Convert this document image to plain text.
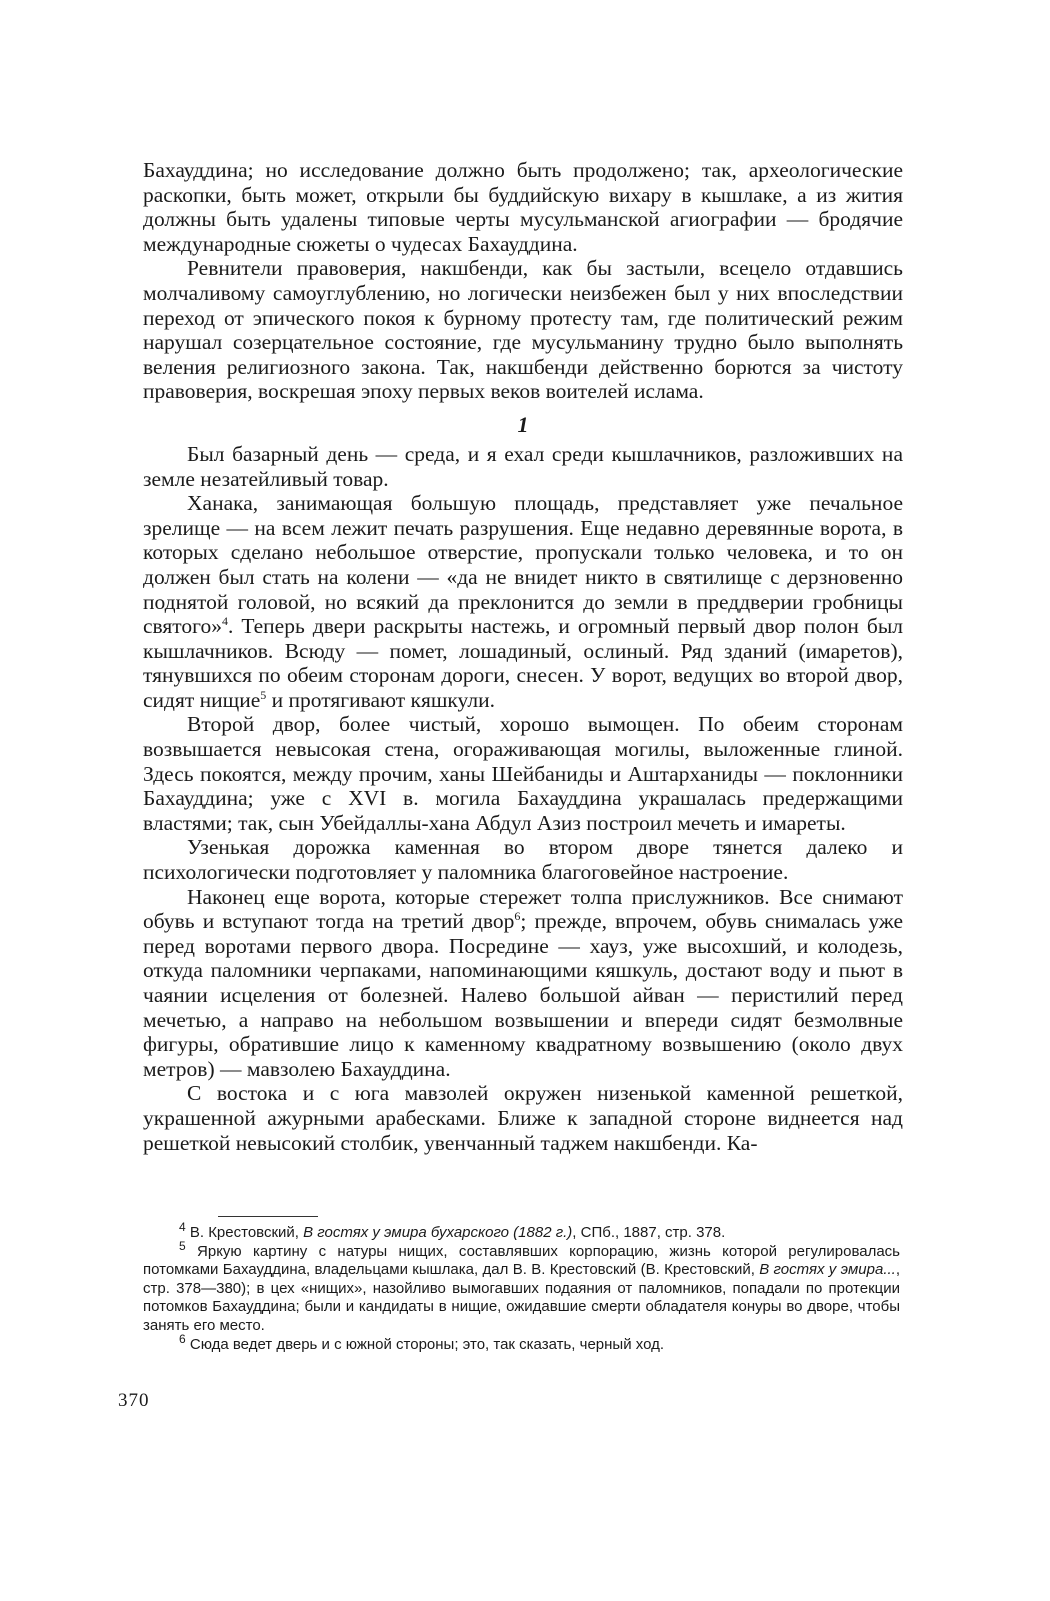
Бахауддина; но исследование должно быть продолжено; так, археологические раскопки, быть может, открыли бы буддийскую вихару в кышлаке, а из жития должны быть удалены типовые черты мусульманской агиографии — бродячие международные сюжеты о чудесах Бахауддина.

Ревнители правоверия, накшбенди, как бы застыли, всецело отдавшись молчаливому самоуглублению, но логически неизбежен был у них впоследствии переход от эпического покоя к бурному протесту там, где политический режим нарушал созерцательное состояние, где мусульманину трудно было выполнять веления религиозного закона. Так, накшбенди действенно борются за чистоту правоверия, воскрешая эпоху первых веков воителей ислама.

1

Был базарный день — среда, и я ехал среди кышлачников, разложивших на земле незатейливый товар.

Ханака, занимающая большую площадь, представляет уже печальное зрелище — на всем лежит печать разрушения. Еще недавно деревянные ворота, в которых сделано небольшое отверстие, пропускали только человека, и то он должен был стать на колени — «да не внидет никто в святилище с дерзновенно поднятой головой, но всякий да преклонится до земли в преддверии гробницы святого»$^4$. Теперь двери раскрыты настежь, и огромный первый двор полон был кышлачников. Всюду — помет, лошадиный, ослиный. Ряд зданий (имаретов), тянувшихся по обеим сторонам дороги, снесен. У ворот, ведущих во второй двор, сидят нищие$^5$ и протягивают кяшкули.

Второй двор, более чистый, хорошо вымощен. По обеим сторонам возвышается невысокая стена, огораживающая могилы, выложенные глиной. Здесь покоятся, между прочим, ханы Шейбаниды и Аштарханиды — поклонники Бахауддина; уже с XVI в. могила Бахауддина украшалась предержащими властями; так, сын Убейдаллы-хана Абдул Азиз построил мечеть и имареты.

Узенькая дорожка каменная во втором дворе тянется далеко и психологически подготовляет у паломника благоговейное настроение.

Наконец еще ворота, которые стережет толпа прислужников. Все снимают обувь и вступают тогда на третий двор$^6$; прежде, впрочем, обувь снималась уже перед воротами первого двора. Посредине — хауз, уже высохший, и колодезь, откуда паломники черпаками, напоминающими кяшкуль, достают воду и пьют в чаянии исцеления от болезней. Налево большой айван — перистилий перед мечетью, а направо на небольшом возвышении и впереди сидят безмолвные фигуры, обратившие лицо к каменному квадратному возвышению (около двух метров) — мавзолею Бахауддина.

С востока и с юга мавзолей окружен низенькой каменной решеткой, украшенной ажурными арабесками. Ближе к западной стороне виднеется над решеткой невысокий столбик, увенчанный таджем накшбенди. Ка-

$^4$ В. Крестовский, В гостях у эмира бухарского (1882 г.), СПб., 1887, стр. 378.

$^5$ Яркую картину с натуры нищих, составлявших корпорацию, жизнь которой регулировалась потомками Бахауддина, владельцами кышлака, дал В. В. Крестовский (В. Крестовский, В гостях у эмира..., стр. 378—380); в цех «нищих», назойливо вымогавших подаяния от паломников, попадали по протекции потомков Бахауддина; были и кандидаты в нищие, ожидавшие смерти обладателя конуры во дворе, чтобы занять его место.

$^6$ Сюда ведет дверь и с южной стороны; это, так сказать, черный ход.

370
